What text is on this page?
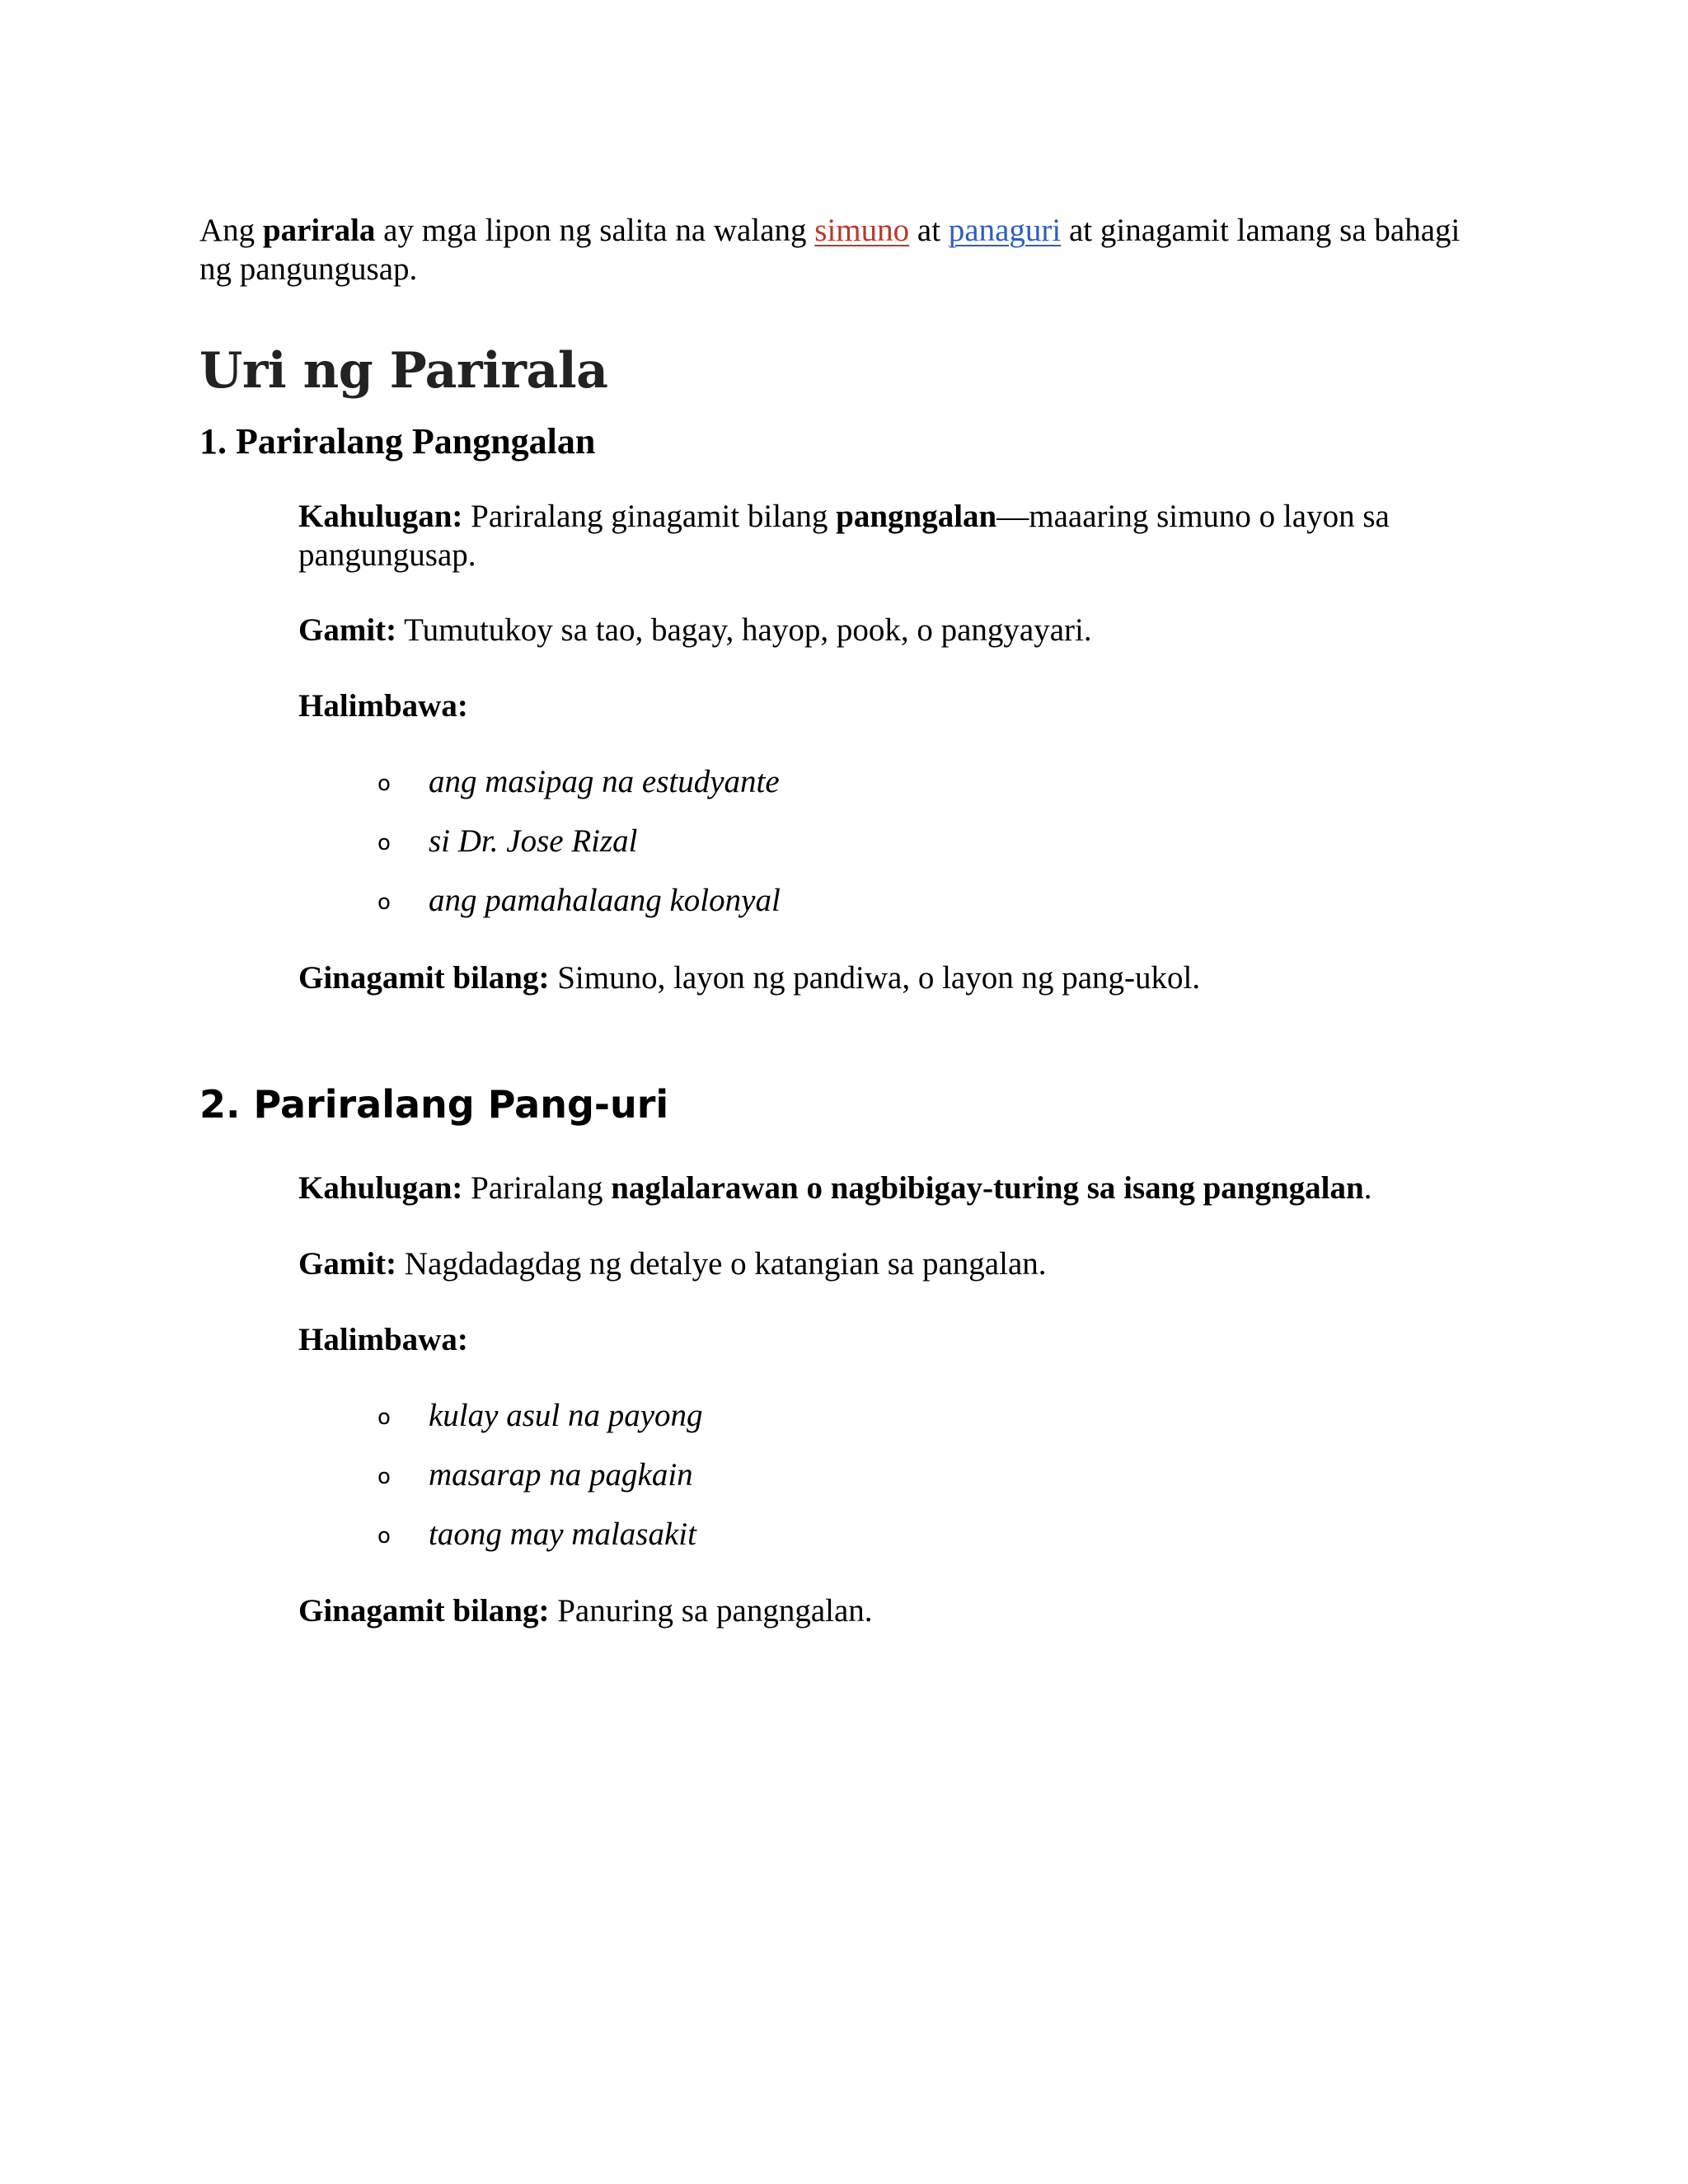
Ang parirala ay mga lipon ng salita na walang simuno at panaguri at ginagamit lamang sa bahagi ng pangungusap.

Uri ng Parirala
1. Pariralang Pangngalan

Kahulugan: Pariralang ginagamit bilang pangngalan—maaaring simuno o layon sa pangungusap.

Gamit: Tumutukoy sa tao, bagay, hayop, pook, o pangyayari.

Halimbawa:

o ang masipag na estudyante
o si Dr. Jose Rizal
o ang pamahalaang kolonyal

Ginagamit bilang: Simuno, layon ng pandiwa, o layon ng pang-ukol.

2. Pariralang Pang-uri

Kahulugan: Pariralang naglalarawan o nagbibigay-turing sa isang pangngalan.

Gamit: Nagdadagdag ng detalye o katangian sa pangalan.

Halimbawa:

o kulay asul na payong
o masarap na pagkain
o taong may malasakit

Ginagamit bilang: Panuring sa pangngalan.
